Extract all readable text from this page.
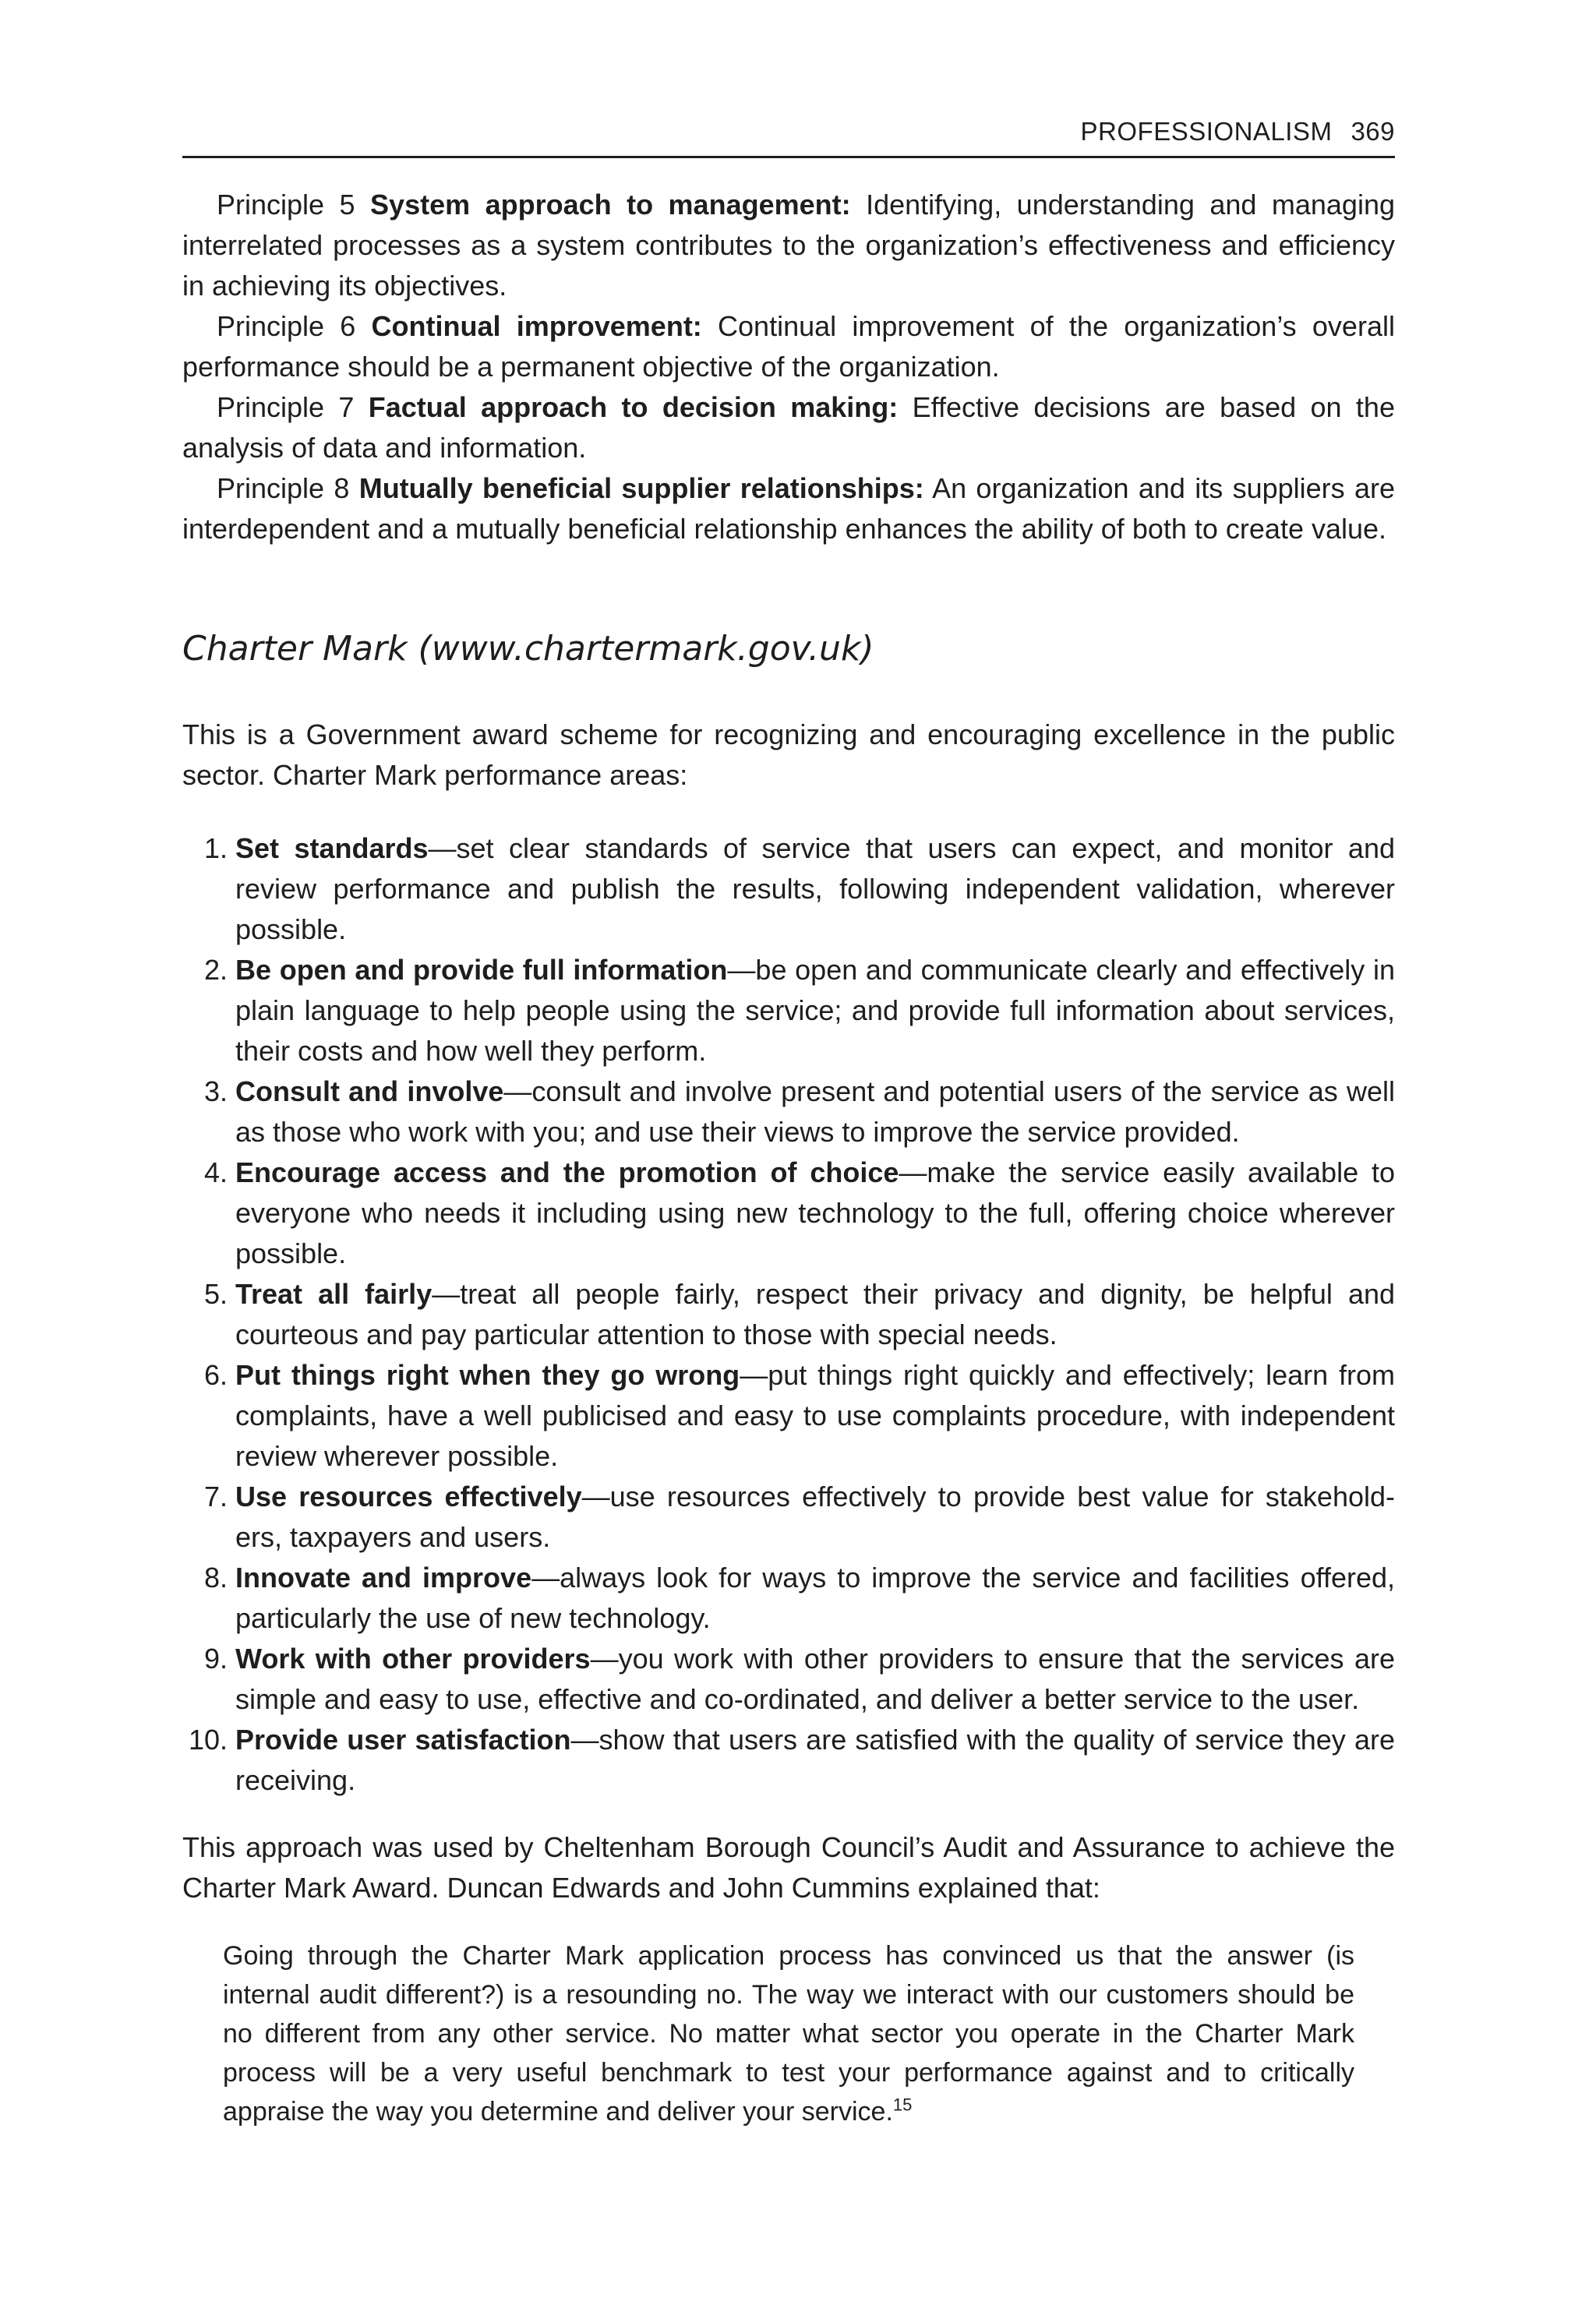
PROFESSIONALISM 369

Principle 5 System approach to management: Identifying, understanding and managing interrelated processes as a system contributes to the organization’s effectiveness and efficiency in achieving its objectives.

Principle 6 Continual improvement: Continual improvement of the organization’s overall performance should be a permanent objective of the organization.

Principle 7 Factual approach to decision making: Effective decisions are based on the analysis of data and information.

Principle 8 Mutually beneficial supplier relationships: An organization and its suppliers are interdependent and a mutually beneficial relationship enhances the ability of both to create value.

Charter Mark (www.chartermark.gov.uk)

This is a Government award scheme for recognizing and encouraging excellence in the public sector. Charter Mark performance areas:

1. Set standards—set clear standards of service that users can expect, and monitor and review performance and publish the results, following independent validation, wherever possible.
2. Be open and provide full information—be open and communicate clearly and effectively in plain language to help people using the service; and provide full information about services, their costs and how well they perform.
3. Consult and involve—consult and involve present and potential users of the service as well as those who work with you; and use their views to improve the service provided.
4. Encourage access and the promotion of choice—make the service easily available to everyone who needs it including using new technology to the full, offering choice wherever possible.
5. Treat all fairly—treat all people fairly, respect their privacy and dignity, be helpful and courteous and pay particular attention to those with special needs.
6. Put things right when they go wrong—put things right quickly and effectively; learn from complaints, have a well publicised and easy to use complaints procedure, with independent review wherever possible.
7. Use resources effectively—use resources effectively to provide best value for stakehold-ers, taxpayers and users.
8. Innovate and improve—always look for ways to improve the service and facilities offered, particularly the use of new technology.
9. Work with other providers—you work with other providers to ensure that the services are simple and easy to use, effective and co-ordinated, and deliver a better service to the user.
10. Provide user satisfaction—show that users are satisfied with the quality of service they are receiving.

This approach was used by Cheltenham Borough Council’s Audit and Assurance to achieve the Charter Mark Award. Duncan Edwards and John Cummins explained that:

Going through the Charter Mark application process has convinced us that the answer (is internal audit different?) is a resounding no. The way we interact with our customers should be no different from any other service. No matter what sector you operate in the Charter Mark process will be a very useful benchmark to test your performance against and to critically appraise the way you determine and deliver your service.$^{15}$
